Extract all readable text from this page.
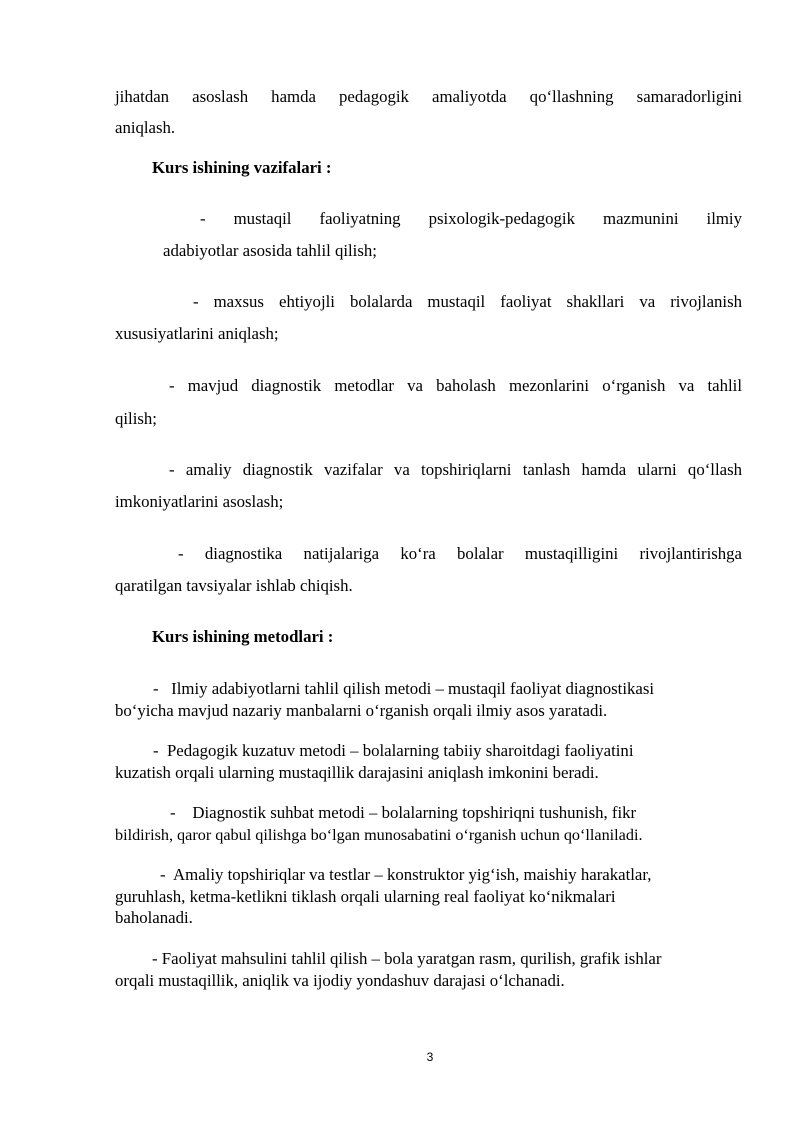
jihatdan asoslash hamda pedagogik amaliyotda qo‘llashning samaradorligini
aniqlash.
Kurs ishining vazifalari :
- mustaqil faoliyatning psixologik-pedagogik mazmunini ilmiy
adabiyotlar asosida tahlil qilish;
- maxsus ehtiyojli bolalarda mustaqil faoliyat shakllari va rivojlanish
xususiyatlarini aniqlash;
- mavjud diagnostik metodlar va baholash mezonlarini o‘rganish va tahlil
qilish;
- amaliy diagnostik vazifalar va topshiriqlarni tanlash hamda ularni qo‘llash
imkoniyatlarini asoslash;
- diagnostika natijalariga ko‘ra bolalar mustaqilligini rivojlantirishga
qaratilgan tavsiyalar ishlab chiqish.
Kurs ishining metodlari :
-   Ilmiy adabiyotlarni tahlil qilish metodi – mustaqil faoliyat diagnostikasi
bo‘yicha mavjud nazariy manbalarni o‘rganish orqali ilmiy asos yaratadi.
-  Pedagogik kuzatuv metodi – bolalarning tabiiy sharoitdagi faoliyatini
kuzatish orqali ularning mustaqillik darajasini aniqlash imkonini beradi.
-    Diagnostik suhbat metodi – bolalarning topshiriqni tushunish, fikr
bildirish, qaror qabul qilishga bo‘lgan munosabatini o‘rganish uchun qo‘llaniladi.
-  Amaliy topshiriqlar va testlar – konstruktor yig‘ish, maishiy harakatlar,
guruhlash, ketma-ketlikni tiklash orqali ularning real faoliyat ko‘nikmalari
baholanadi.
- Faoliyat mahsulini tahlil qilish – bola yaratgan rasm, qurilish, grafik ishlar
orqali mustaqillik, aniqlik va ijodiy yondashuv darajasi o‘lchanadi.
3
